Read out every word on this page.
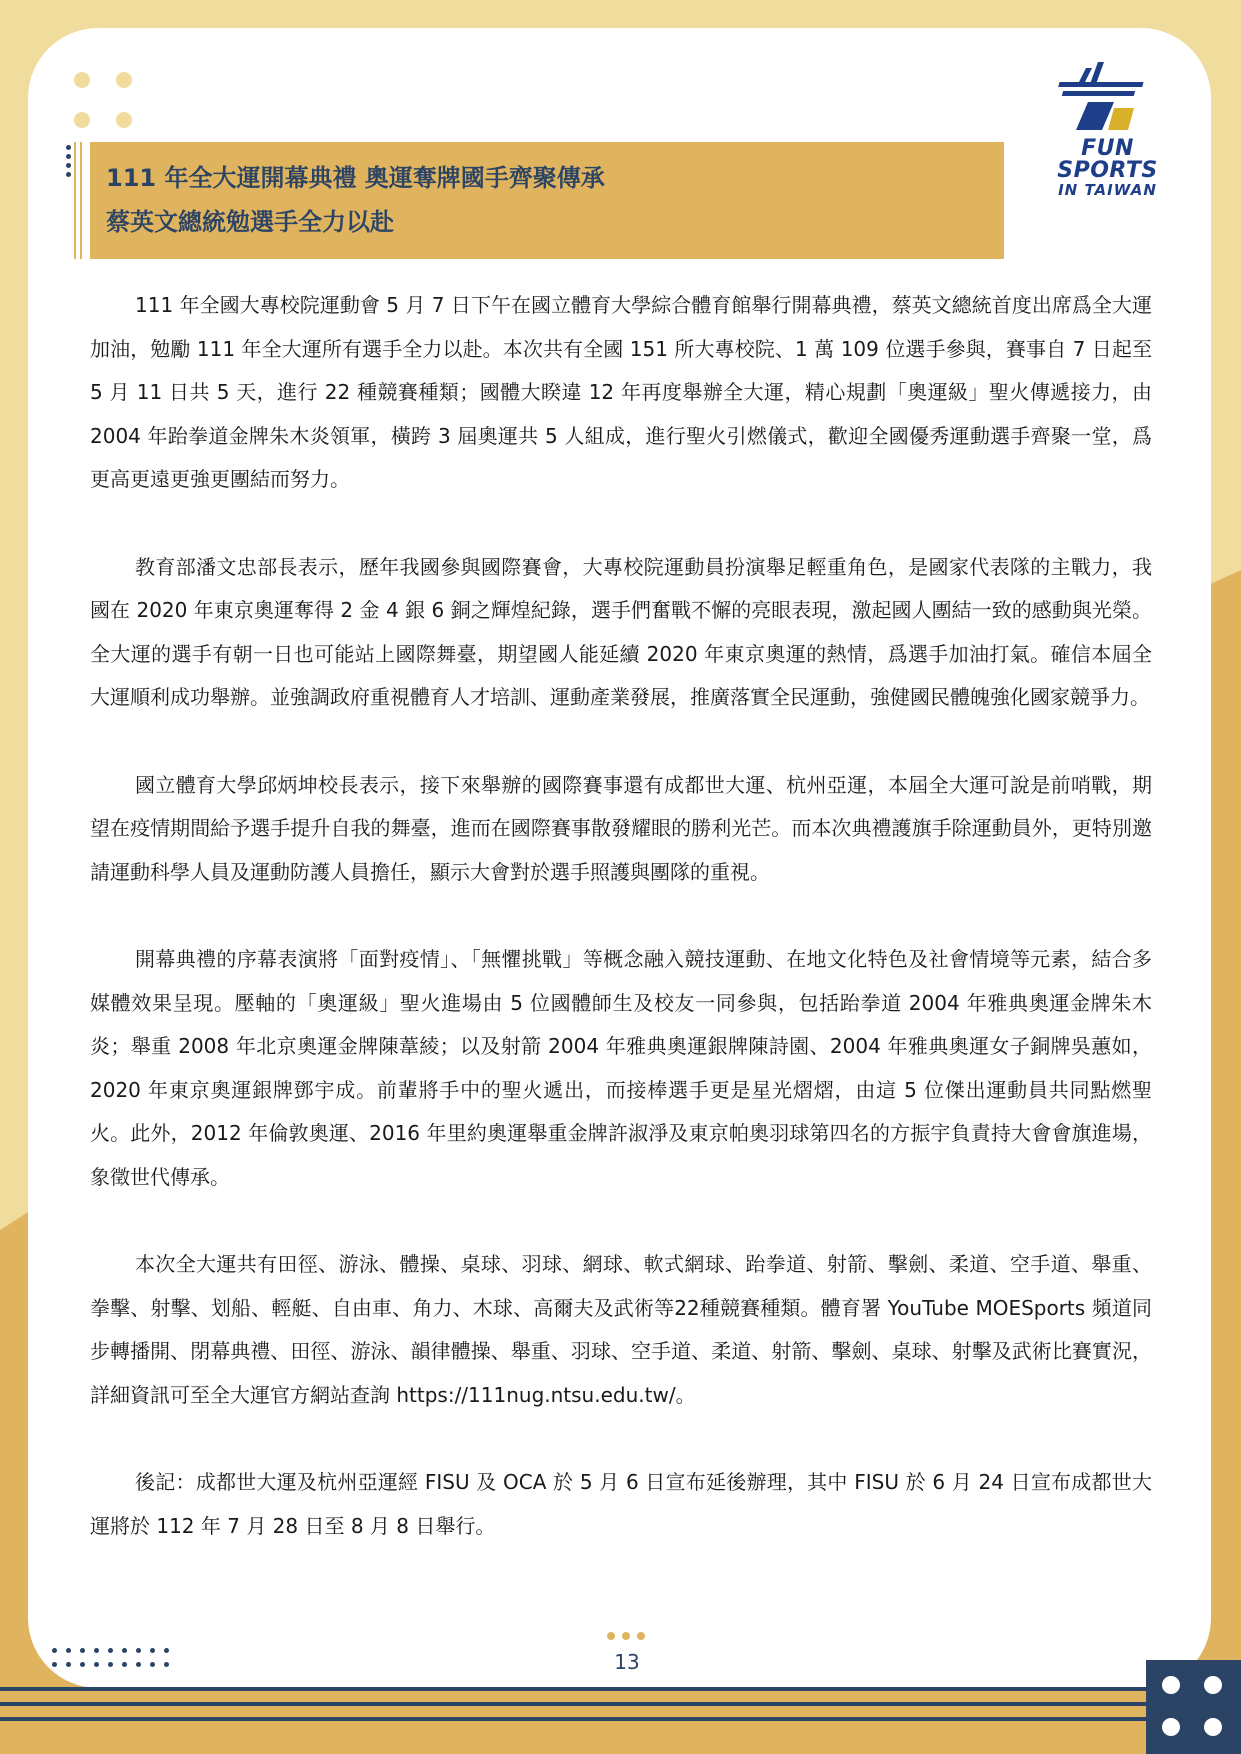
111 年全大運開幕典禮 奧運奪牌國手齊聚傳承
蔡英文總統勉選手全力以赴
FUN SPORTS
IN TAIWAN

111 年全國大專校院運動會 5 月 7 日下午在國立體育大學綜合體育館舉行開幕典禮，蔡英文總統首度出席爲全大運加油，勉勵 111 年全大運所有選手全力以赴。本次共有全國 151 所大專校院、1 萬 109 位選手參與，賽事自 7 日起至 5 月 11 日共 5 天，進行 22 種競賽種類；國體大睽違 12 年再度舉辦全大運，精心規劃「奧運級」聖火傳遞接力，由 2004 年跆拳道金牌朱木炎領軍，橫跨 3 屆奧運共 5 人組成，進行聖火引燃儀式，歡迎全國優秀運動選手齊聚一堂，爲更高更遠更強更團結而努力。

教育部潘文忠部長表示，歷年我國參與國際賽會，大專校院運動員扮演舉足輕重角色，是國家代表隊的主戰力，我國在 2020 年東京奧運奪得 2 金 4 銀 6 銅之輝煌紀錄，選手們奮戰不懈的亮眼表現，激起國人團結一致的感動與光榮。全大運的選手有朝一日也可能站上國際舞臺，期望國人能延續 2020 年東京奧運的熱情，爲選手加油打氣。確信本屆全大運順利成功舉辦。並強調政府重視體育人才培訓、運動產業發展，推廣落實全民運動，強健國民體魄強化國家競爭力。

國立體育大學邱炳坤校長表示，接下來舉辦的國際賽事還有成都世大運、杭州亞運，本屆全大運可說是前哨戰，期望在疫情期間給予選手提升自我的舞臺，進而在國際賽事散發耀眼的勝利光芒。而本次典禮護旗手除運動員外，更特別邀請運動科學人員及運動防護人員擔任，顯示大會對於選手照護與團隊的重視。

開幕典禮的序幕表演將「面對疫情」、「無懼挑戰」等概念融入競技運動、在地文化特色及社會情境等元素，結合多媒體效果呈現。壓軸的「奧運級」聖火進場由 5 位國體師生及校友一同參與，包括跆拳道 2004 年雅典奧運金牌朱木炎；舉重 2008 年北京奧運金牌陳葦綾；以及射箭 2004 年雅典奧運銀牌陳詩園、2004 年雅典奧運女子銅牌吳蕙如，2020 年東京奧運銀牌鄧宇成。前輩將手中的聖火遞出，而接棒選手更是星光熠熠，由這 5 位傑出運動員共同點燃聖火。此外，2012 年倫敦奧運、2016 年里約奧運舉重金牌許淑淨及東京帕奧羽球第四名的方振宇負責持大會會旗進場，象徵世代傳承。

本次全大運共有田徑、游泳、體操、桌球、羽球、網球、軟式網球、跆拳道、射箭、擊劍、柔道、空手道、舉重、拳擊、射擊、划船、輕艇、自由車、角力、木球、高爾夫及武術等22種競賽種類。體育署 YouTube MOESports 頻道同步轉播開、閉幕典禮、田徑、游泳、韻律體操、舉重、羽球、空手道、柔道、射箭、擊劍、桌球、射擊及武術比賽實況，詳細資訊可至全大運官方網站查詢 https://111nug.ntsu.edu.tw/。

後記：成都世大運及杭州亞運經 FISU 及 OCA 於 5 月 6 日宣布延後辦理，其中 FISU 於 6 月 24 日宣布成都世大運將於 112 年 7 月 28 日至 8 月 8 日舉行。

13
